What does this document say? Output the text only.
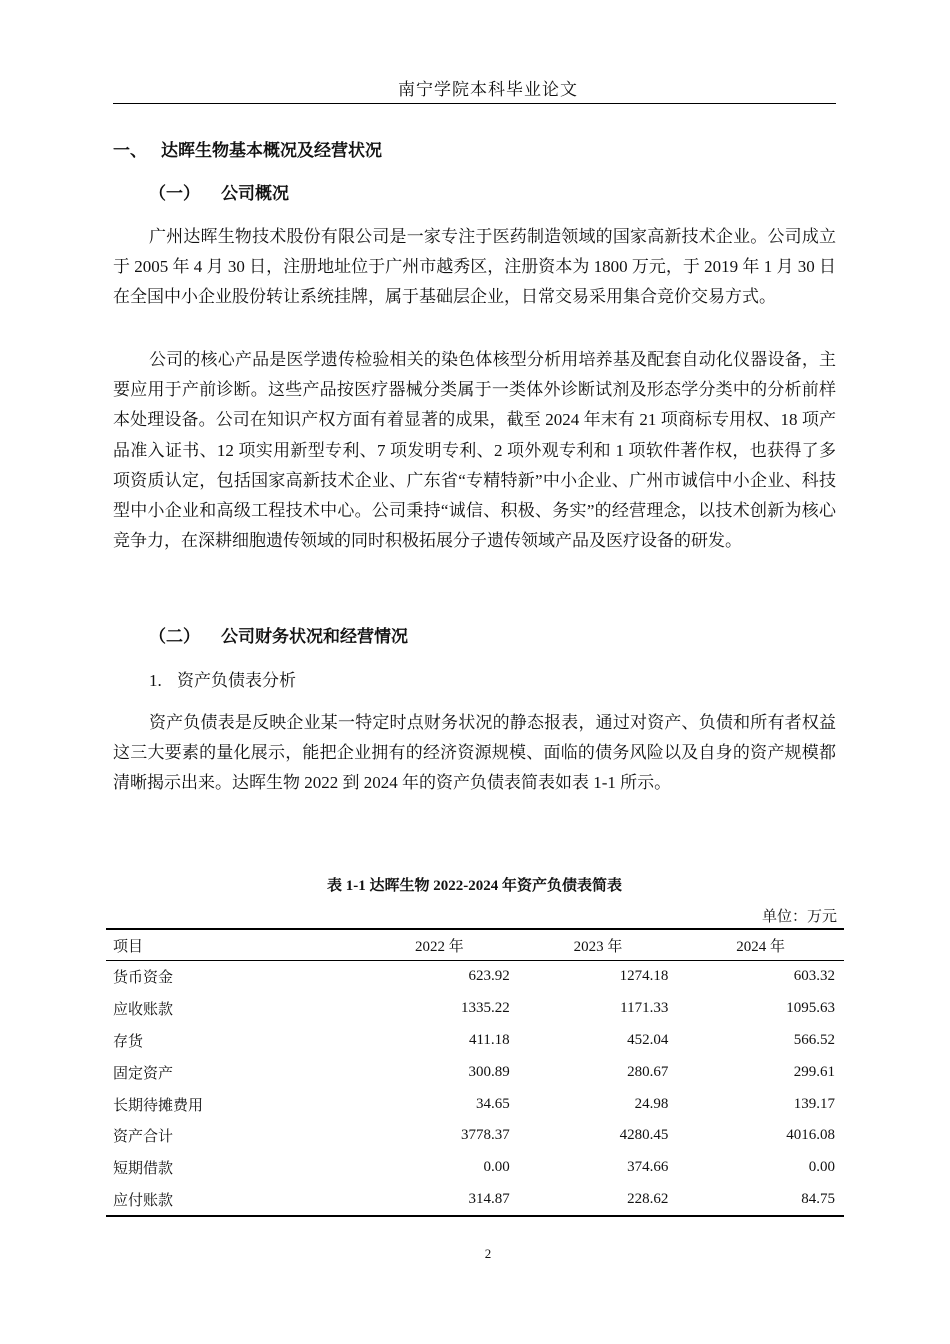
南宁学院本科毕业论文
一、 达晖生物基本概况及经营状况
（一） 公司概况
广州达晖生物技术股份有限公司是一家专注于医药制造领域的国家高新技术企业。公司成立于 2005 年 4 月 30 日，注册地址位于广州市越秀区，注册资本为 1800 万元，于 2019 年 1 月 30 日在全国中小企业股份转让系统挂牌，属于基础层企业，日常交易采用集合竞价交易方式。
公司的核心产品是医学遗传检验相关的染色体核型分析用培养基及配套自动化仪器设备，主要应用于产前诊断。这些产品按医疗器械分类属于一类体外诊断试剂及形态学分类中的分析前样本处理设备。公司在知识产权方面有着显著的成果，截至 2024 年末有 21 项商标专用权、18 项产品准入证书、12 项实用新型专利、7 项发明专利、2 项外观专利和 1 项软件著作权，也获得了多项资质认定，包括国家高新技术企业、广东省“专精特新”中小企业、广州市诚信中小企业、科技型中小企业和高级工程技术中心。公司秉持“诚信、积极、务实”的经营理念，以技术创新为核心竞争力，在深耕细胞遗传领域的同时积极拓展分子遗传领域产品及医疗设备的研发。
（二） 公司财务状况和经营情况
1. 资产负债表分析
资产负债表是反映企业某一特定时点财务状况的静态报表，通过对资产、负债和所有者权益这三大要素的量化展示，能把企业拥有的经济资源规模、面临的债务风险以及自身的资产规模都清晰揭示出来。达晖生物 2022 到 2024 年的资产负债表简表如表 1-1 所示。
表 1-1 达晖生物 2022-2024 年资产负债表简表
单位：万元
项目	2022 年	2023 年	2024 年
货币资金	623.92	1274.18	603.32
应收账款	1335.22	1171.33	1095.63
存货	411.18	452.04	566.52
固定资产	300.89	280.67	299.61
长期待摊费用	34.65	24.98	139.17
资产合计	3778.37	4280.45	4016.08
短期借款	0.00	374.66	0.00
应付账款	314.87	228.62	84.75
2
